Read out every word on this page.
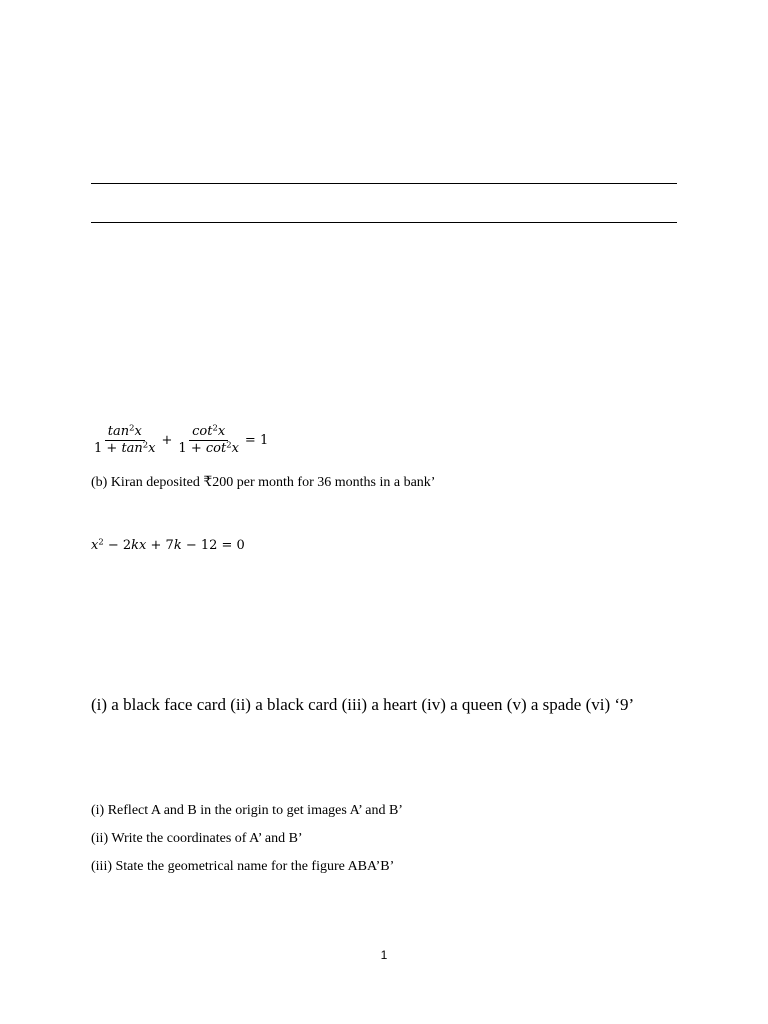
$\frac{\tan^2x}{1 + \tan^2x} + \frac{\cot^2x}{1 + \cot^2x} = 1$
(b) Kiran deposited ₹200 per month for 36 months in a bank’
$x^2 - 2kx + 7k - 12 = 0$
(i) a black face card (ii) a black card (iii) a heart (iv) a queen (v) a spade (vi) ‘9’
(i) Reflect A and B in the origin to get images A’ and B’
(ii) Write the coordinates of A’ and B’
(iii) State the geometrical name for the figure ABA’B’
1
